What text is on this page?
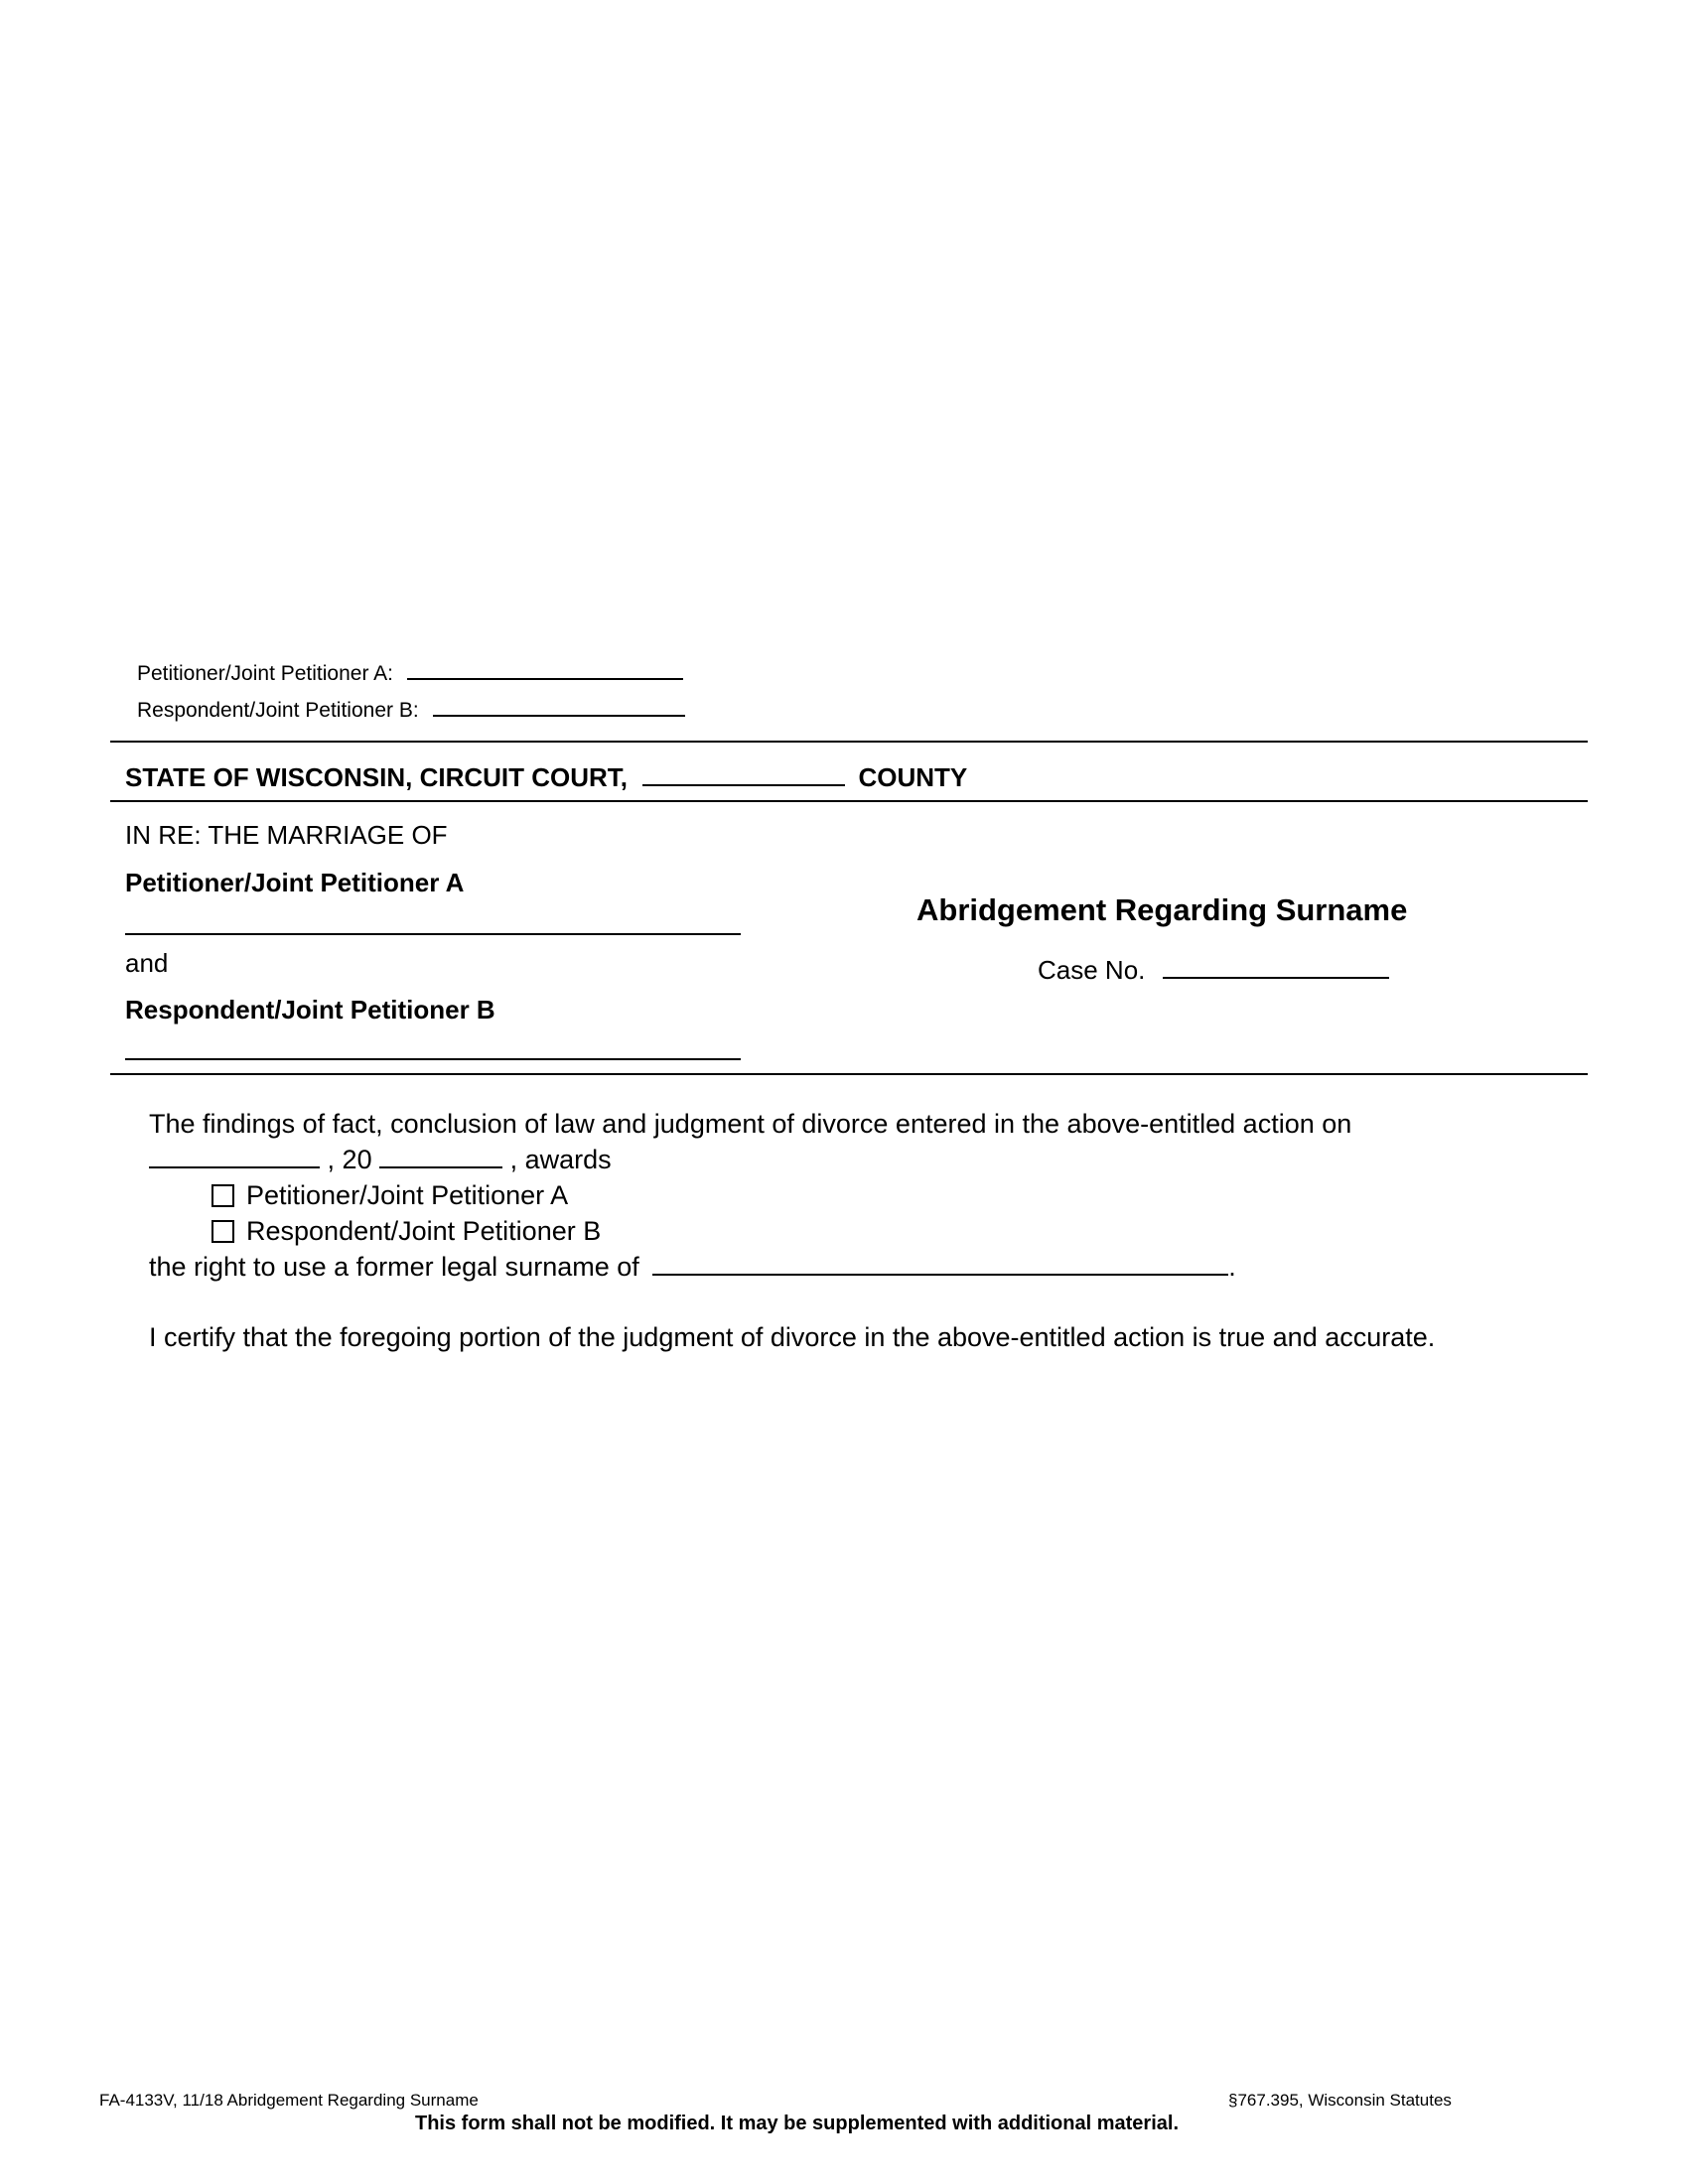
Petitioner/Joint Petitioner A:
Respondent/Joint Petitioner B:
STATE OF WISCONSIN, CIRCUIT COURT,	COUNTY
IN RE: THE MARRIAGE OF
Petitioner/Joint Petitioner A
and
Respondent/Joint Petitioner B
Abridgement Regarding Surname
Case No.
The findings of fact, conclusion of law and judgment of divorce entered in the above-entitled action on
, 20	, awards
Petitioner/Joint Petitioner A
Respondent/Joint Petitioner B
the right to use a former legal surname of	.
I certify that the foregoing portion of the judgment of divorce in the above-entitled action is true and accurate.
FA-4133V, 11/18 Abridgement Regarding Surname	§767.395, Wisconsin Statutes
This form shall not be modified. It may be supplemented with additional material.
